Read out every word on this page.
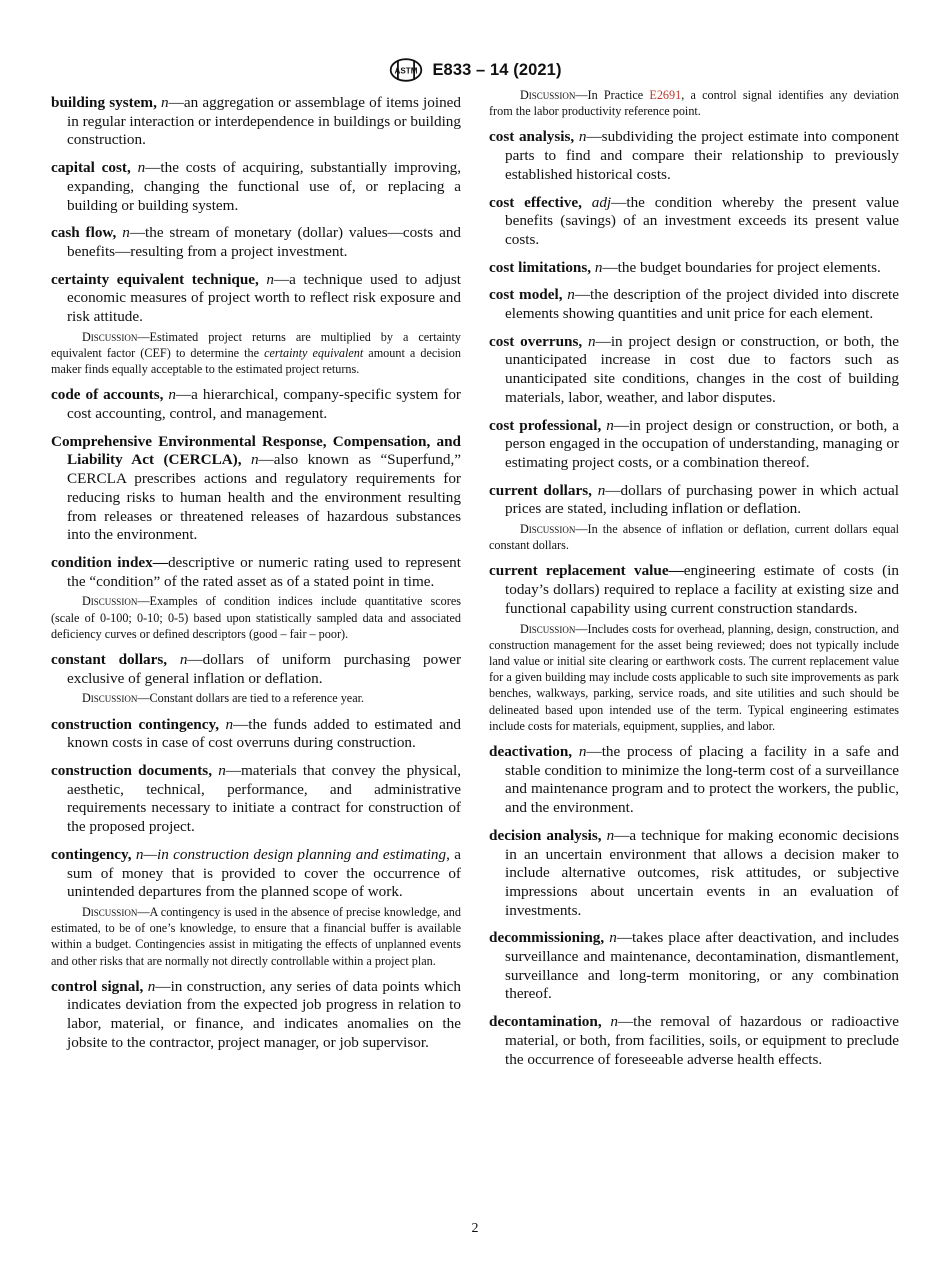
ASTM E833 – 14 (2021)

building system, n—an aggregation or assemblage of items joined in regular interaction or interdependence in buildings or building construction.

capital cost, n—the costs of acquiring, substantially improving, expanding, changing the functional use of, or replacing a building or building system.

cash flow, n—the stream of monetary (dollar) values—costs and benefits—resulting from a project investment.

certainty equivalent technique, n—a technique used to adjust economic measures of project worth to reflect risk exposure and risk attitude.

Discussion—Estimated project returns are multiplied by a certainty equivalent factor (CEF) to determine the certainty equivalent amount a decision maker finds equally acceptable to the estimated project returns.

code of accounts, n—a hierarchical, company-specific system for cost accounting, control, and management.

Comprehensive Environmental Response, Compensation, and Liability Act (CERCLA), n—also known as “Superfund,” CERCLA prescribes actions and regulatory requirements for reducing risks to human health and the environment resulting from releases or threatened releases of hazardous substances into the environment.

condition index—descriptive or numeric rating used to represent the “condition” of the rated asset as of a stated point in time.

Discussion—Examples of condition indices include quantitative scores (scale of 0-100; 0-10; 0-5) based upon statistically sampled data and associated deficiency curves or defined descriptors (good – fair – poor).

constant dollars, n—dollars of uniform purchasing power exclusive of general inflation or deflation.

Discussion—Constant dollars are tied to a reference year.

construction contingency, n—the funds added to estimated and known costs in case of cost overruns during construction.

construction documents, n—materials that convey the physical, aesthetic, technical, performance, and administrative requirements necessary to initiate a contract for construction of the proposed project.

contingency, n—in construction design planning and estimating, a sum of money that is provided to cover the occurrence of unintended departures from the planned scope of work.

Discussion—A contingency is used in the absence of precise knowledge, and estimated, to be of one’s knowledge, to ensure that a financial buffer is available within a budget. Contingencies assist in mitigating the effects of unplanned events and other risks that are normally not directly controllable within a project plan.

control signal, n—in construction, any series of data points which indicates deviation from the expected job progress in relation to labor, material, or finance, and indicates anomalies on the jobsite to the contractor, project manager, or job supervisor.

Discussion—In Practice E2691, a control signal identifies any deviation from the labor productivity reference point.

cost analysis, n—subdividing the project estimate into component parts to find and compare their relationship to previously established historical costs.

cost effective, adj—the condition whereby the present value benefits (savings) of an investment exceeds its present value costs.

cost limitations, n—the budget boundaries for project elements.

cost model, n—the description of the project divided into discrete elements showing quantities and unit price for each element.

cost overruns, n—in project design or construction, or both, the unanticipated increase in cost due to factors such as unanticipated site conditions, changes in the cost of building materials, labor, weather, and labor disputes.

cost professional, n—in project design or construction, or both, a person engaged in the occupation of understanding, managing or estimating project costs, or a combination thereof.

current dollars, n—dollars of purchasing power in which actual prices are stated, including inflation or deflation.

Discussion—In the absence of inflation or deflation, current dollars equal constant dollars.

current replacement value—engineering estimate of costs (in today’s dollars) required to replace a facility at existing size and functional capability using current construction standards.

Discussion—Includes costs for overhead, planning, design, construction, and construction management for the asset being reviewed; does not typically include land value or initial site clearing or earthwork costs. The current replacement value for a given building may include costs applicable to such site improvements as park benches, walkways, parking, service roads, and site utilities and such should be delineated based upon intended use of the term. Typical engineering estimates include costs for materials, equipment, supplies, and labor.

deactivation, n—the process of placing a facility in a safe and stable condition to minimize the long-term cost of a surveillance and maintenance program and to protect the workers, the public, and the environment.

decision analysis, n—a technique for making economic decisions in an uncertain environment that allows a decision maker to include alternative outcomes, risk attitudes, or subjective impressions about uncertain events in an evaluation of investments.

decommissioning, n—takes place after deactivation, and includes surveillance and maintenance, decontamination, dismantlement, surveillance and long-term monitoring, or any combination thereof.

decontamination, n—the removal of hazardous or radioactive material, or both, from facilities, soils, or equipment to preclude the occurrence of foreseeable adverse health effects.

2
